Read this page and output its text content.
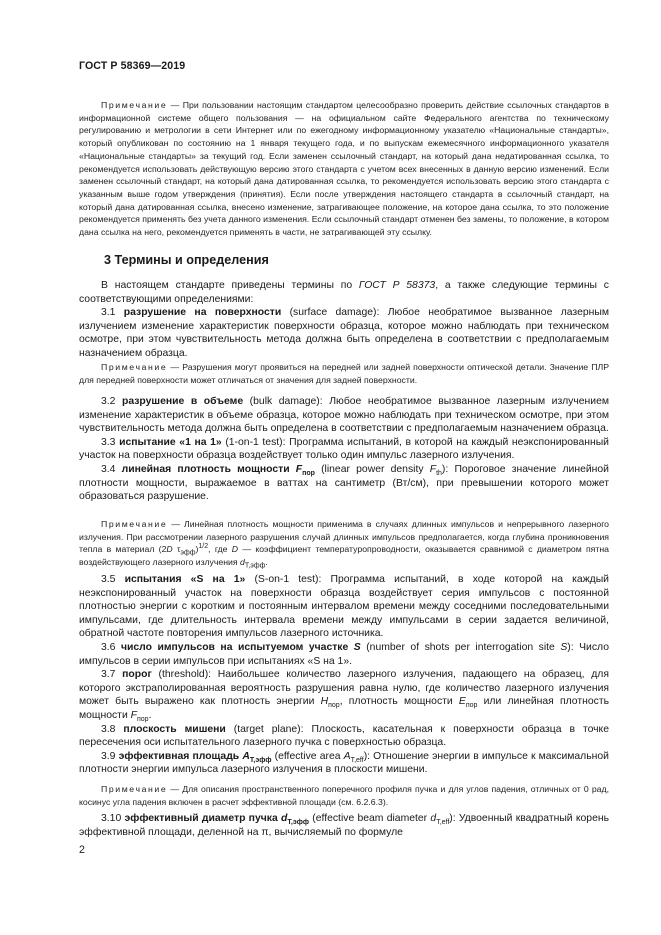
ГОСТ Р 58369—2019

Примечание — При пользовании настоящим стандартом целесообразно проверить действие ссылочных стандартов в информационной системе общего пользования — на официальном сайте Федерального агентства по техническому регулированию и метрологии в сети Интернет или по ежегодному информационному указателю «Национальные стандарты», который опубликован по состоянию на 1 января текущего года, и по выпускам ежемесячного информационного указателя «Национальные стандарты» за текущий год. Если заменен ссылочный стандарт, на который дана недатированная ссылка, то рекомендуется использовать действующую версию этого стандарта с учетом всех внесенных в данную версию изменений. Если заменен ссылочный стандарт, на который дана датированная ссылка, то рекомендуется использовать версию этого стандарта с указанным выше годом утверждения (принятия). Если после утверждения настоящего стандарта в ссылочный стандарт, на который дана датированная ссылка, внесено изменение, затрагивающее положение, на которое дана ссылка, то это положение рекомендуется применять без учета данного изменения. Если ссылочный стандарт отменен без замены, то положение, в котором дана ссылка на него, рекомендуется применять в части, не затрагивающей эту ссылку.

3 Термины и определения

В настоящем стандарте приведены термины по ГОСТ Р 58373, а также следующие термины с соответствующими определениями:

3.1 разрушение на поверхности (surface damage): Любое необратимое вызванное лазерным излучением изменение характеристик поверхности образца, которое можно наблюдать при техническом осмотре, при этом чувствительность метода должна быть определена в соответствии с предполагаемым назначением образца.

Примечание — Разрушения могут проявиться на передней или задней поверхности оптической детали. Значение ПЛР для передней поверхности может отличаться от значения для задней поверхности.

3.2 разрушение в объеме (bulk damage): Любое необратимое вызванное лазерным излучением изменение характеристик в объеме образца, которое можно наблюдать при техническом осмотре, при этом чувствительность метода должна быть определена в соответствии с предполагаемым назначением образца.

3.3 испытание «1 на 1» (1-on-1 test): Программа испытаний, в которой на каждый неэкспонированный участок на поверхности образца воздействует только один импульс лазерного излучения.

3.4 линейная плотность мощности $F_{пор}$ (linear power density $F_{th}$): Пороговое значение линейной плотности мощности, выражаемое в ваттах на сантиметр (Вт/см), при превышении которого может образоваться разрушение.

Примечание — Линейная плотность мощности применима в случаях длинных импульсов и непрерывного лазерного излучения. При рассмотрении лазерного разрушения случай длинных импульсов предполагается, когда глубина проникновения тепла в материал (2D $\tau_{эфф})^{1/2}$, где D — коэффициент температуропроводности, оказывается сравнимой с диаметром пятна воздействующего лазерного излучения $d_{Т,эфф}$.

3.5 испытания «S на 1» (S-on-1 test): Программа испытаний, в ходе которой на каждый неэкспонированный участок на поверхности образца воздействует серия импульсов с постоянной плотностью энергии с коротким и постоянным интервалом времени между соседними последовательными импульсами, где длительность интервала времени между импульсами в серии задается величиной, обратной частоте повторения импульсов лазерного источника.

3.6 число импульсов на испытуемом участке S (number of shots per interrogation site S): Число импульсов в серии импульсов при испытаниях «S на 1».

3.7 порог (threshold): Наибольшее количество лазерного излучения, падающего на образец, для которого экстраполированная вероятность разрушения равна нулю, где количество лазерного излучения может быть выражено как плотность энергии $H_{пор}$, плотность мощности $E_{пор}$ или линейная плотность мощности $F_{пор}$.

3.8 плоскость мишени (target plane): Плоскость, касательная к поверхности образца в точке пересечения оси испытательного лазерного пучка с поверхностью образца.

3.9 эффективная площадь $A_{Т,эфф}$ (effective area $A_{T,eff}$): Отношение энергии в импульсе к максимальной плотности энергии импульса лазерного излучения в плоскости мишени.

Примечание — Для описания пространственного поперечного профиля пучка и для углов падения, отличных от 0 рад, косинус угла падения включен в расчет эффективной площади (см. 6.2.6.3).

3.10 эффективный диаметр пучка $d_{Т,эфф}$ (effective beam diameter $d_{T,eff}$): Удвоенный квадратный корень эффективной площади, деленной на π, вычисляемый по формуле

2
